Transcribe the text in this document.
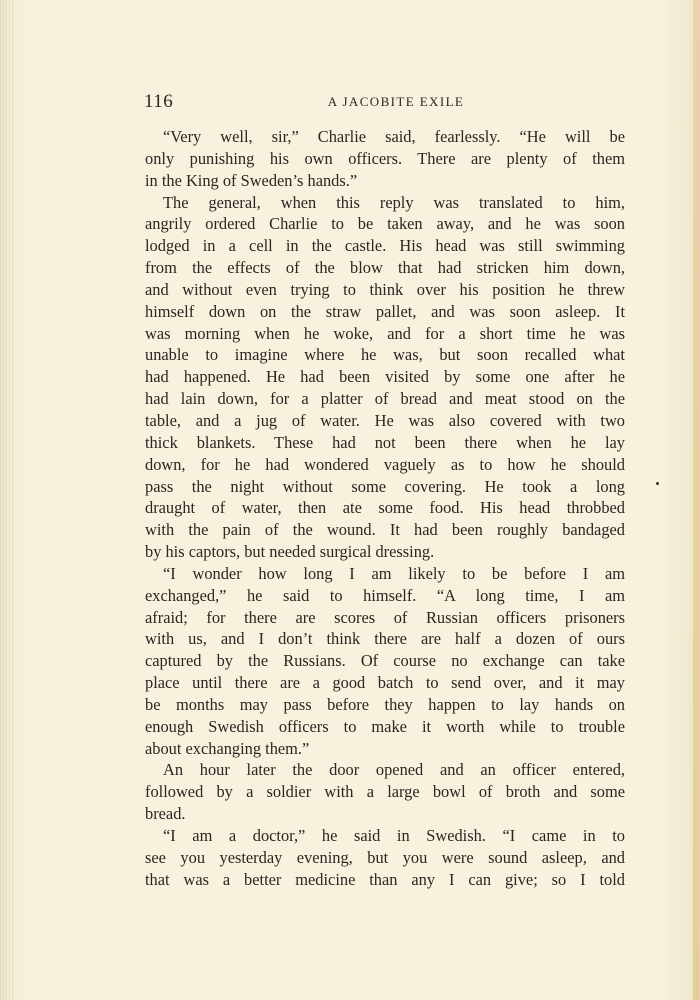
116	A JACOBITE EXILE
“Very well, sir,” Charlie said, fearlessly. “He will be
only punishing his own officers. There are plenty of them
in the King of Sweden’s hands.”
The general, when this reply was translated to him,
angrily ordered Charlie to be taken away, and he was soon
lodged in a cell in the castle. His head was still swimming
from the effects of the blow that had stricken him down,
and without even trying to think over his position he threw
himself down on the straw pallet, and was soon asleep. It
was morning when he woke, and for a short time he was
unable to imagine where he was, but soon recalled what
had happened. He had been visited by some one after he
had lain down, for a platter of bread and meat stood on the
table, and a jug of water. He was also covered with two
thick blankets. These had not been there when he lay
down, for he had wondered vaguely as to how he should
pass the night without some covering. He took a long
draught of water, then ate some food. His head throbbed
with the pain of the wound. It had been roughly bandaged
by his captors, but needed surgical dressing.
“I wonder how long I am likely to be before I am
exchanged,” he said to himself. “A long time, I am
afraid; for there are scores of Russian officers prisoners
with us, and I don’t think there are half a dozen of ours
captured by the Russians. Of course no exchange can take
place until there are a good batch to send over, and it may
be months may pass before they happen to lay hands on
enough Swedish officers to make it worth while to trouble
about exchanging them.”
An hour later the door opened and an officer entered,
followed by a soldier with a large bowl of broth and some
bread.
“I am a doctor,” he said in Swedish. “I came in to
see you yesterday evening, but you were sound asleep, and
that was a better medicine than any I can give; so I told
